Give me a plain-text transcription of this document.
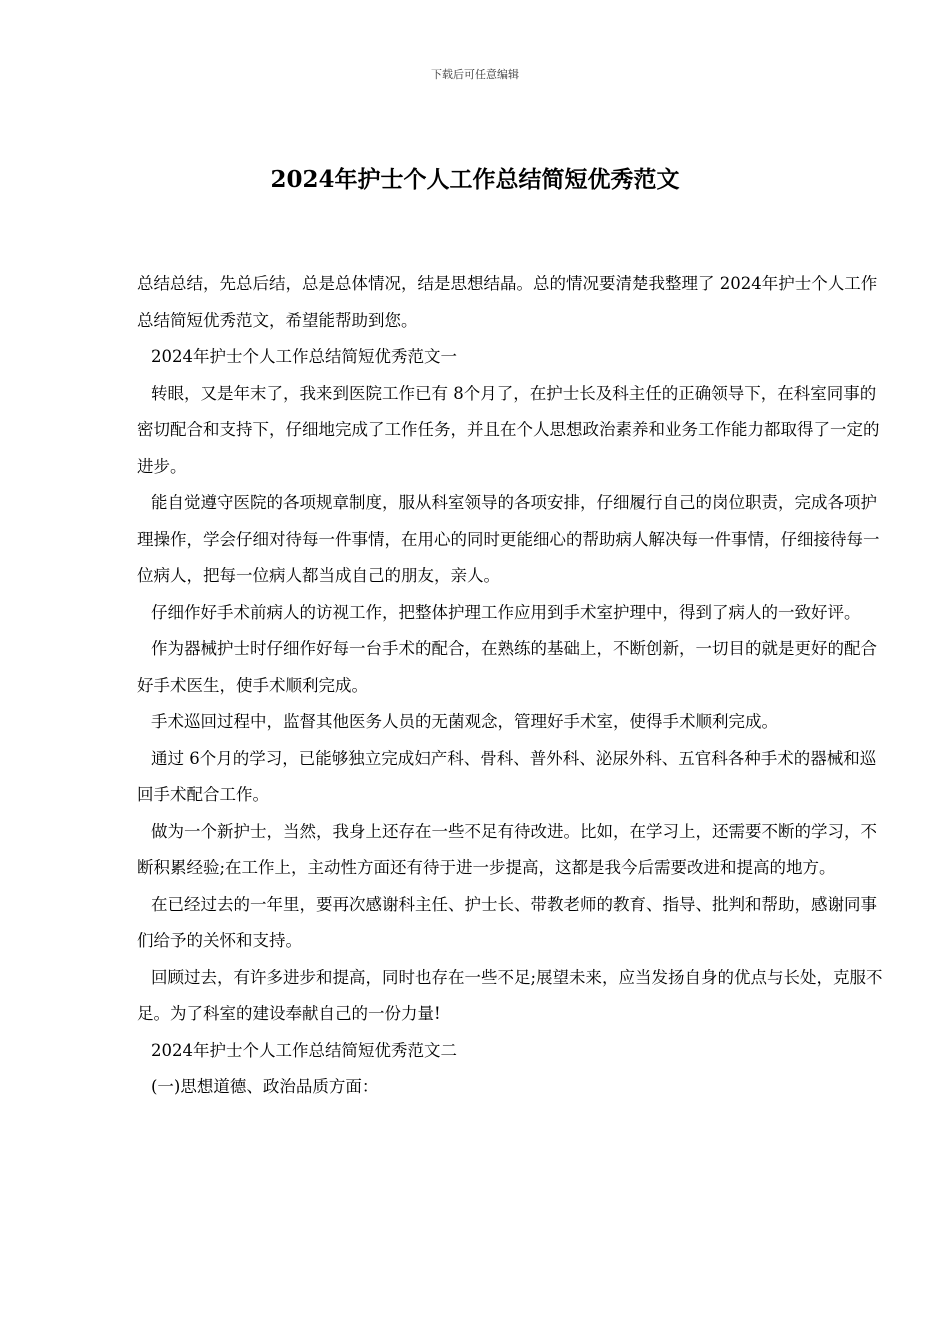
下载后可任意编辑
2024年护士个人工作总结简短优秀范文

总结总结，先总后结，总是总体情况，结是思想结晶。总的情况要清楚我整理了 2024年护士个人工作总结简短优秀范文，希望能帮助到您。

2024年护士个人工作总结简短优秀范文一

转眼，又是年末了，我来到医院工作已有 8个月了，在护士长及科主任的正确领导下，在科室同事的密切配合和支持下，仔细地完成了工作任务，并且在个人思想政治素养和业务工作能力都取得了一定的进步。

能自觉遵守医院的各项规章制度，服从科室领导的各项安排，仔细履行自己的岗位职责，完成各项护理操作，学会仔细对待每一件事情，在用心的同时更能细心的帮助病人解决每一件事情，仔细接待每一位病人，把每一位病人都当成自己的朋友，亲人。

仔细作好手术前病人的访视工作，把整体护理工作应用到手术室护理中，得到了病人的一致好评。

作为器械护士时仔细作好每一台手术的配合，在熟练的基础上，不断创新，一切目的就是更好的配合好手术医生，使手术顺利完成。

手术巡回过程中，监督其他医务人员的无菌观念，管理好手术室，使得手术顺利完成。

通过 6个月的学习，已能够独立完成妇产科、骨科、普外科、泌尿外科、五官科各种手术的器械和巡回手术配合工作。

做为一个新护士，当然，我身上还存在一些不足有待改进。比如，在学习上，还需要不断的学习，不断积累经验;在工作上，主动性方面还有待于进一步提高，这都是我今后需要改进和提高的地方。

在已经过去的一年里，要再次感谢科主任、护士长、带教老师的教育、指导、批判和帮助，感谢同事们给予的关怀和支持。

回顾过去，有许多进步和提高，同时也存在一些不足;展望未来，应当发扬自身的优点与长处，克服不足。为了科室的建设奉献自己的一份力量!

2024年护士个人工作总结简短优秀范文二

(一)思想道德、政治品质方面：
